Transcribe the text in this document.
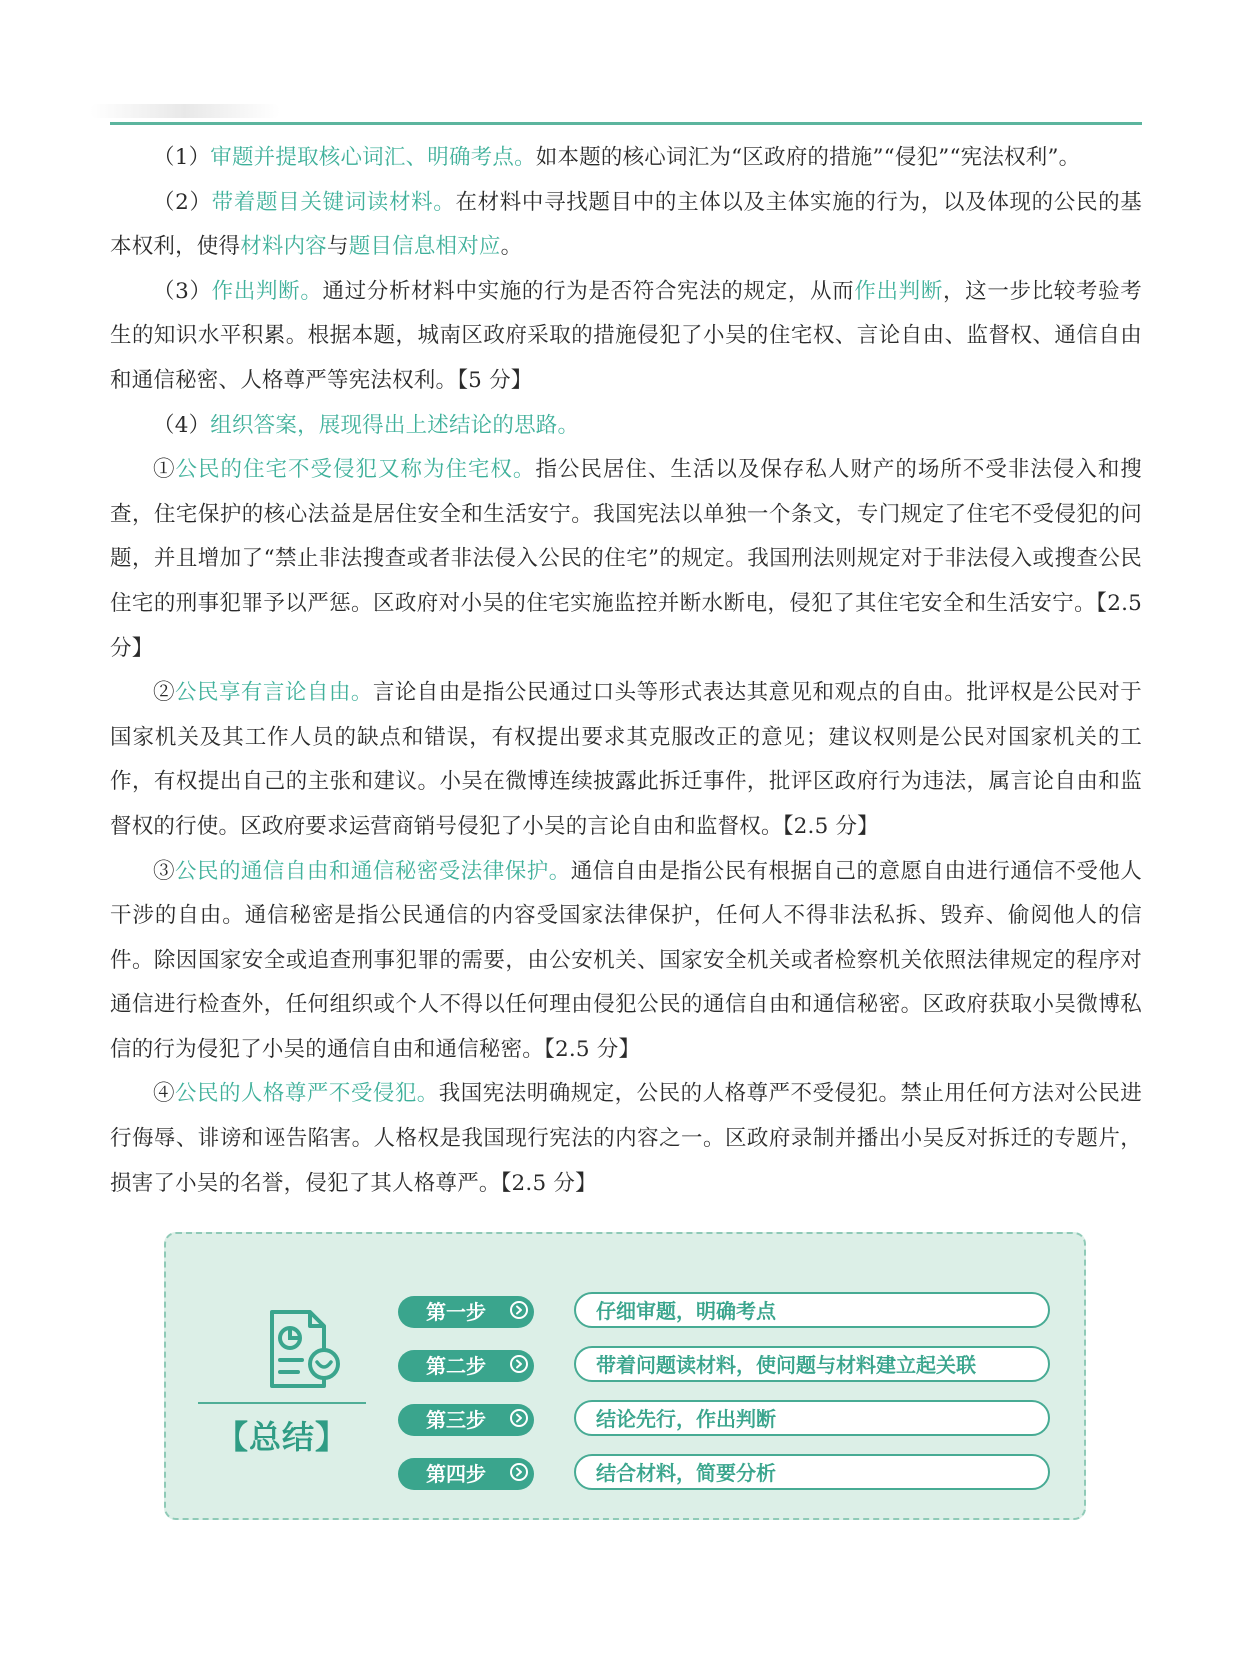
（1）审题并提取核心词汇、明确考点。如本题的核心词汇为“区政府的措施”“侵犯”“宪法权利”。

（2）带着题目关键词读材料。在材料中寻找题目中的主体以及主体实施的行为，以及体现的公民的基本权利，使得材料内容与题目信息相对应。

（3）作出判断。通过分析材料中实施的行为是否符合宪法的规定，从而作出判断，这一步比较考验考生的知识水平积累。根据本题，城南区政府采取的措施侵犯了小吴的住宅权、言论自由、监督权、通信自由和通信秘密、人格尊严等宪法权利。【5 分】

（4）组织答案，展现得出上述结论的思路。

①公民的住宅不受侵犯又称为住宅权。指公民居住、生活以及保存私人财产的场所不受非法侵入和搜查，住宅保护的核心法益是居住安全和生活安宁。我国宪法以单独一个条文，专门规定了住宅不受侵犯的问题，并且增加了“禁止非法搜查或者非法侵入公民的住宅”的规定。我国刑法则规定对于非法侵入或搜查公民住宅的刑事犯罪予以严惩。区政府对小吴的住宅实施监控并断水断电，侵犯了其住宅安全和生活安宁。【2.5 分】

②公民享有言论自由。言论自由是指公民通过口头等形式表达其意见和观点的自由。批评权是公民对于国家机关及其工作人员的缺点和错误，有权提出要求其克服改正的意见；建议权则是公民对国家机关的工作，有权提出自己的主张和建议。小吴在微博连续披露此拆迁事件，批评区政府行为违法，属言论自由和监督权的行使。区政府要求运营商销号侵犯了小吴的言论自由和监督权。【2.5 分】

③公民的通信自由和通信秘密受法律保护。通信自由是指公民有根据自己的意愿自由进行通信不受他人干涉的自由。通信秘密是指公民通信的内容受国家法律保护，任何人不得非法私拆、毁弃、偷阅他人的信件。除因国家安全或追查刑事犯罪的需要，由公安机关、国家安全机关或者检察机关依照法律规定的程序对通信进行检查外，任何组织或个人不得以任何理由侵犯公民的通信自由和通信秘密。区政府获取小吴微博私信的行为侵犯了小吴的通信自由和通信秘密。【2.5 分】

④公民的人格尊严不受侵犯。我国宪法明确规定，公民的人格尊严不受侵犯。禁止用任何方法对公民进行侮辱、诽谤和诬告陷害。人格权是我国现行宪法的内容之一。区政府录制并播出小吴反对拆迁的专题片，损害了小吴的名誉，侵犯了其人格尊严。【2.5 分】

【总结】
第一步	仔细审题，明确考点
第二步	带着问题读材料，使问题与材料建立起关联
第三步	结论先行，作出判断
第四步	结合材料，简要分析
